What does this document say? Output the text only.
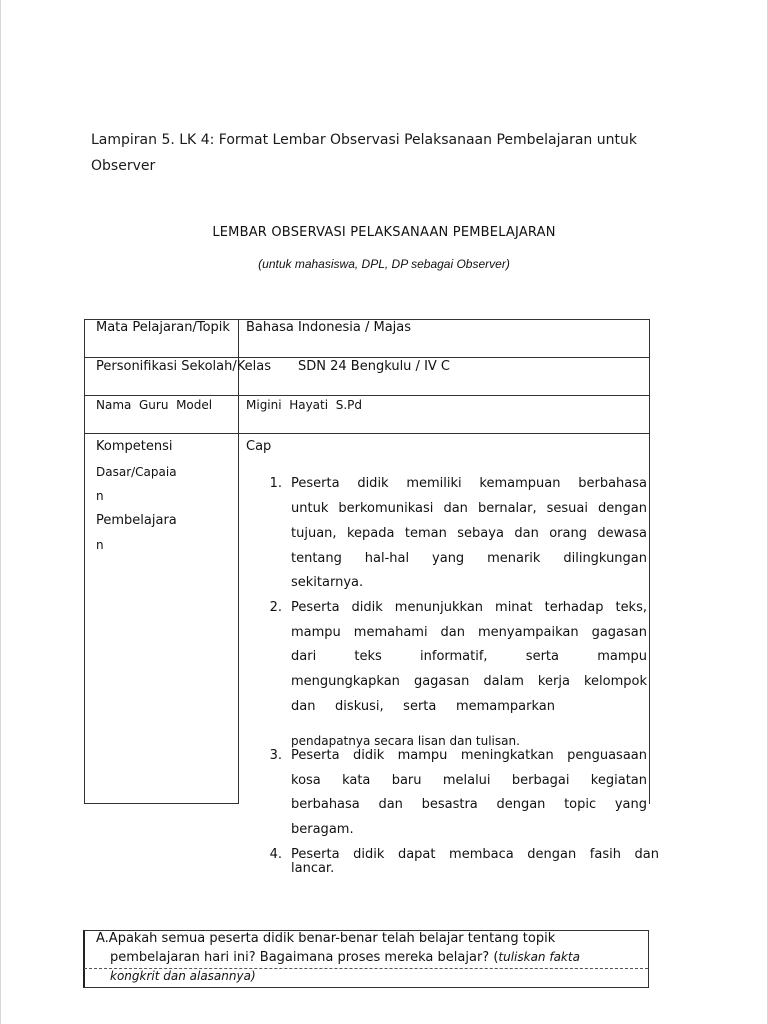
Lampiran 5. LK 4: Format Lembar Observasi Pelaksanaan Pembelajaran untuk
Observer
LEMBAR OBSERVASI PELAKSANAAN PEMBELAJARAN
(untuk mahasiswa, DPL, DP sebagai Observer)
Mata Pelajaran/Topik Bahasa Indonesia / Majas
Personifikasi Sekolah/Kelas SDN 24 Bengkulu / IV C
Nama  Guru  Model	Migini  Hayati  S.Pd
Kompetensi
Dasar/Capaia
n
Pembelajara
n
Cap
1. Peserta didik memiliki kemampuan berbahasa
untuk berkomunikasi dan bernalar, sesuai dengan
tujuan, kepada teman sebaya dan orang dewasa
tentang hal-hal yang menarik dilingkungan
sekitarnya.
2. Peserta didik menunjukkan minat terhadap teks,
mampu memahami dan menyampaikan gagasan
dari teks informatif, serta mampu
mengungkapkan gagasan dalam kerja kelompok
dan diskusi, serta memamparkan
pendapatnya secara lisan dan tulisan.
3. Peserta didik mampu meningkatkan penguasaan
kosa kata baru melalui berbagai kegiatan
berbahasa dan besastra dengan topic yang
beragam.
4. Peserta didik dapat membaca dengan fasih dan
lancar.
A.Apakah semua peserta didik benar-benar telah belajar tentang topik
pembelajaran hari ini? Bagaimana proses mereka belajar? (tuliskan fakta
kongkrit dan alasannya)
